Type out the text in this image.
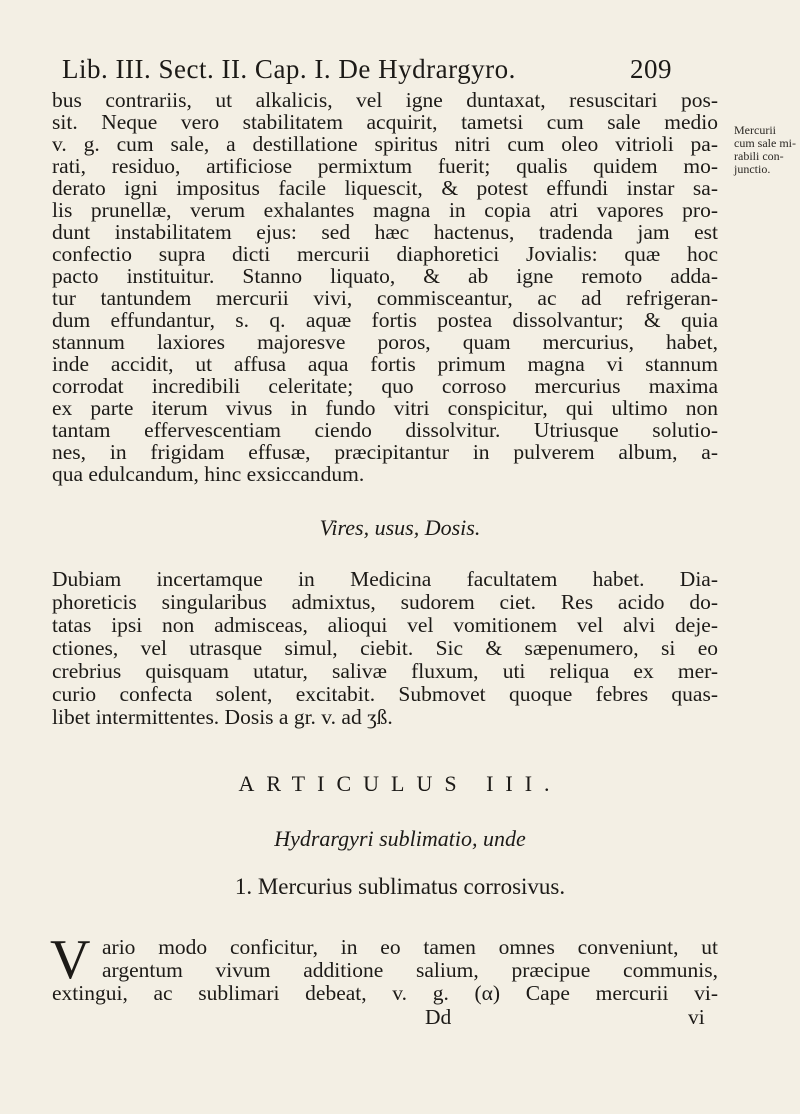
Lib. III. Sect. II. Cap. I. De Hydrargyro.	209
bus contrariis, ut alkalicis, vel igne duntaxat, resuscitari pos-
sit. Neque vero stabilitatem acquirit, tametsi cum sale medio
v. g. cum sale, a destillatione spiritus nitri cum oleo vitrioli pa-
rati, residuo, artificiose permixtum fuerit; qualis quidem mo-
derato igni impositus facile liquescit, & potest effundi instar sa-
lis prunellæ, verum exhalantes magna in copia atri vapores pro-
dunt instabilitatem ejus: sed hæc hactenus, tradenda jam est
confectio supra dicti mercurii diaphoretici Jovialis: quæ hoc
pacto instituitur. Stanno liquato, & ab igne remoto adda-
tur tantundem mercurii vivi, commisceantur, ac ad refrigeran-
dum effundantur, s. q. aquæ fortis postea dissolvantur; & quia
stannum laxiores majoresve poros, quam mercurius, habet,
inde accidit, ut affusa aqua fortis primum magna vi stannum
corrodat incredibili celeritate; quo corroso mercurius maxima
ex parte iterum vivus in fundo vitri conspicitur, qui ultimo non
tantam effervescentiam ciendo dissolvitur. Utriusque solutio-
nes, in frigidam effusæ, præcipitantur in pulverem album, a-
qua edulcandum, hinc exsiccandum.
Mercurii
cum sale mi-
rabili con-
junctio.
Vires, usus, Dosis.
Dubiam incertamque in Medicina facultatem habet. Dia-
phoreticis singularibus admixtus, sudorem ciet. Res acido do-
tatas ipsi non admisceas, alioqui vel vomitionem vel alvi deje-
ctiones, vel utrasque simul, ciebit. Sic & sæpenumero, si eo
crebrius quisquam utatur, salivæ fluxum, uti reliqua ex mer-
curio confecta solent, excitabit. Submovet quoque febres quas-
libet intermittentes. Dosis a gr. v. ad ʒß.
ARTICULUS III.
Hydrargyri sublimatio, unde
1. Mercurius sublimatus corrosivus.
V ario modo conficitur, in eo tamen omnes conveniunt, ut
argentum vivum additione salium, præcipue communis,
extingui, ac sublimari debeat, v. g. (α) Cape mercurii vi-
Dd	vi
